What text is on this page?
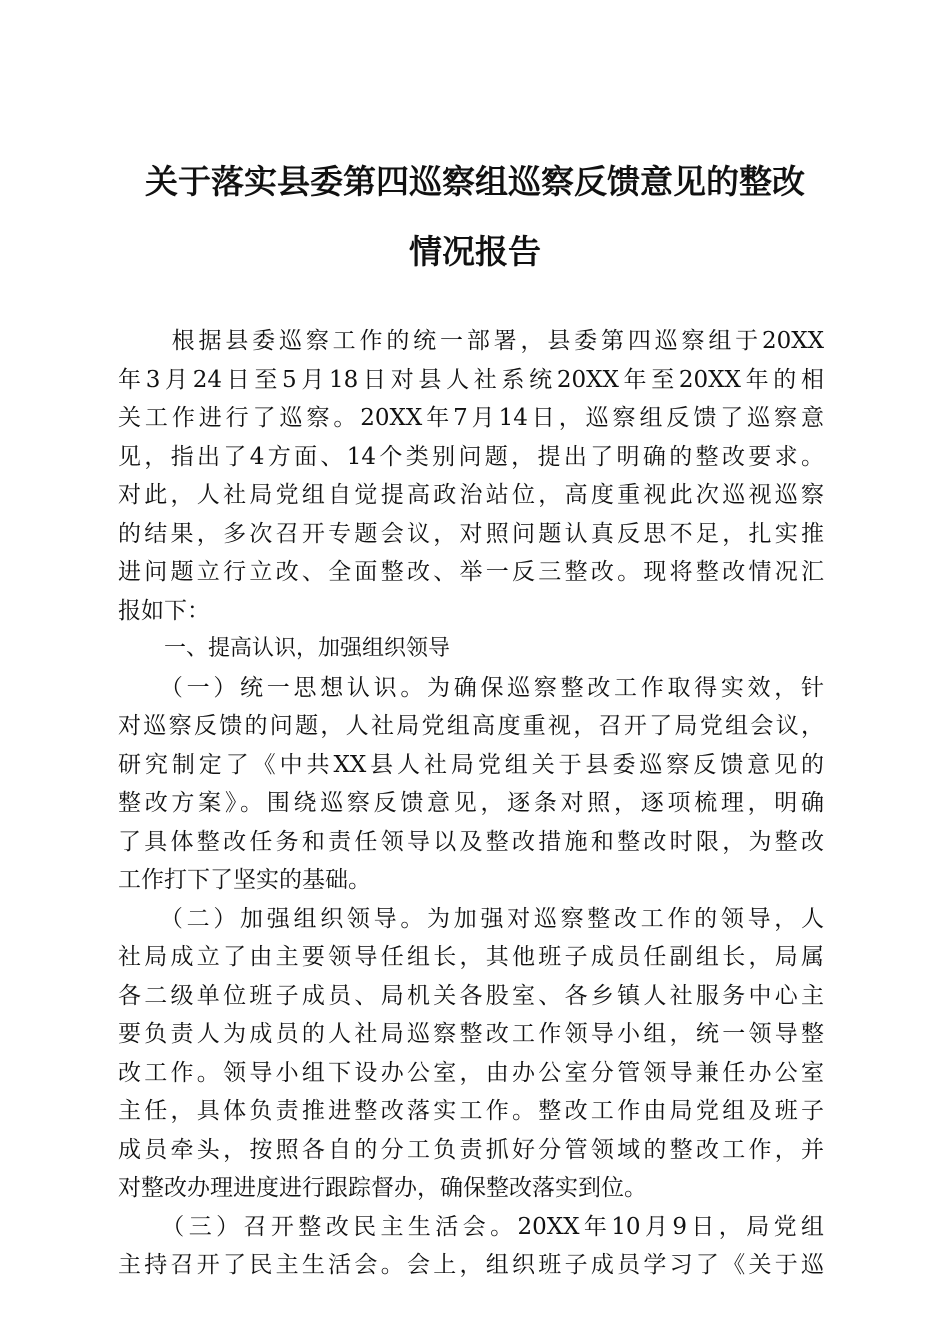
关于落实县委第四巡察组巡察反馈意见的整改
情况报告
　　根据县委巡察工作的统一部署，县委第四巡察组于20XX
年3月24日至5月18日对县人社系统20XX年至20XX年的相
关工作进行了巡察。20XX年7月14日，巡察组反馈了巡察意
见，指出了4方面、14个类别问题，提出了明确的整改要求。
对此，人社局党组自觉提高政治站位，高度重视此次巡视巡察
的结果，多次召开专题会议，对照问题认真反思不足，扎实推
进问题立行立改、全面整改、举一反三整改。现将整改情况汇
报如下：
一、提高认识，加强组织领导
　　（一）统一思想认识。为确保巡察整改工作取得实效，针
对巡察反馈的问题，人社局党组高度重视，召开了局党组会议，
研究制定了《中共XX县人社局党组关于县委巡察反馈意见的
整改方案》。围绕巡察反馈意见，逐条对照，逐项梳理，明确
了具体整改任务和责任领导以及整改措施和整改时限，为整改
工作打下了坚实的基础。
　　（二）加强组织领导。为加强对巡察整改工作的领导，人
社局成立了由主要领导任组长，其他班子成员任副组长，局属
各二级单位班子成员、局机关各股室、各乡镇人社服务中心主
要负责人为成员的人社局巡察整改工作领导小组，统一领导整
改工作。领导小组下设办公室，由办公室分管领导兼任办公室
主任，具体负责推进整改落实工作。整改工作由局党组及班子
成员牵头，按照各自的分工负责抓好分管领域的整改工作，并
对整改办理进度进行跟踪督办，确保整改落实到位。
　　（三）召开整改民主生活会。20XX年10月9日，局党组
主持召开了民主生活会。会上，组织班子成员学习了《关于巡
